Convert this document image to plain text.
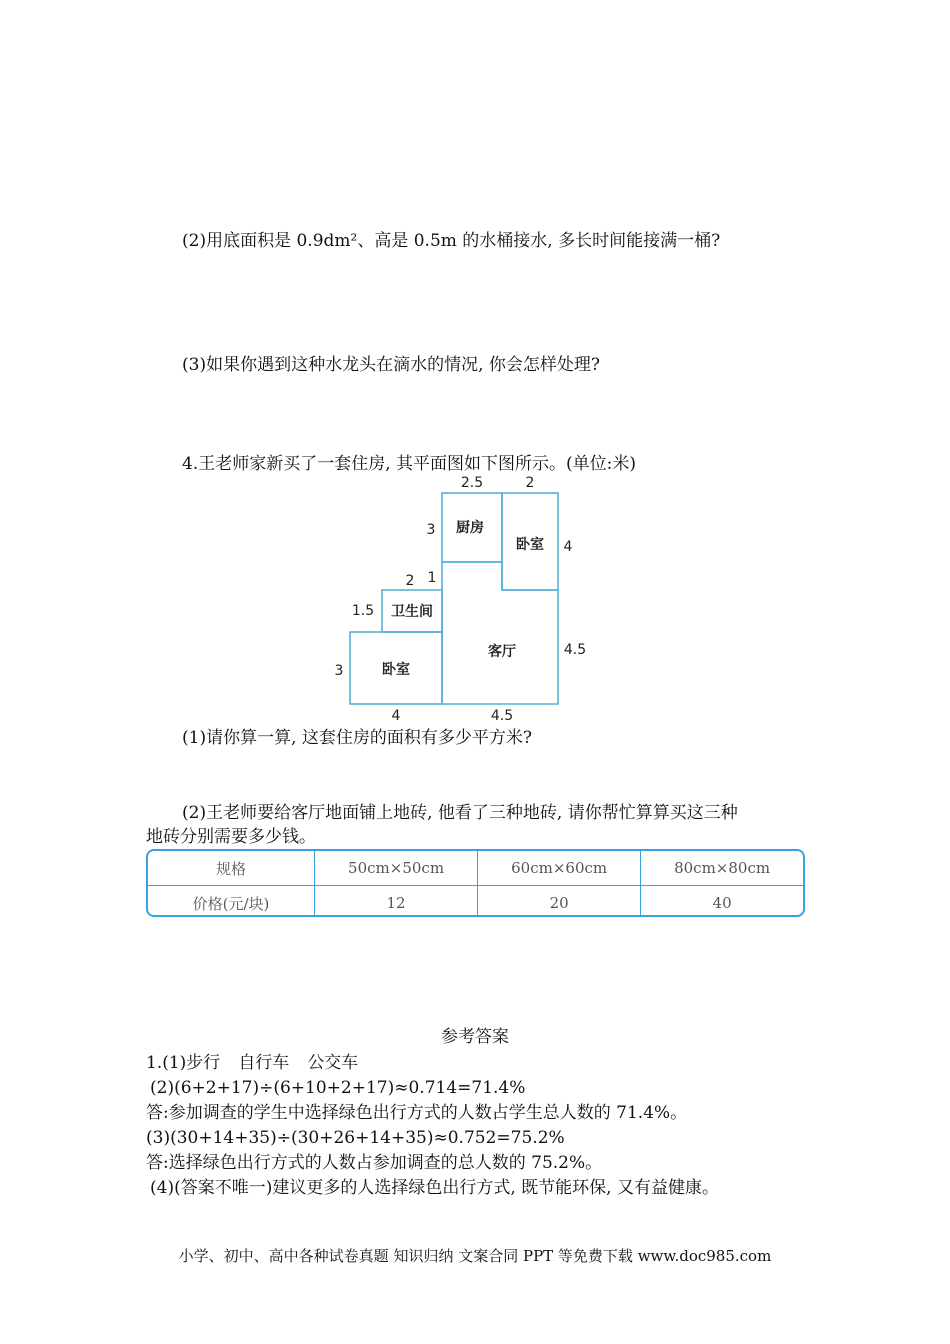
(2)用底面积是 0.9dm²、高是 0.5m 的水桶接水, 多长时间能接满一桶?
(3)如果你遇到这种水龙头在滴水的情况, 你会怎样处理?
4.王老师家新买了一套住房, 其平面图如下图所示。(单位:米)
厨房
卧室
卫生间
客厅
卧室
2.5	2
3
4
2 1
1.5
4.5
3
4	4.5
(1)请你算一算, 这套住房的面积有多少平方米?
(2)王老师要给客厅地面铺上地砖, 他看了三种地砖, 请你帮忙算算买这三种
地砖分别需要多少钱。
规格	50cm×50cm	60cm×60cm	80cm×80cm
价格(元/块)	12	20	40
参考答案
1.(1)步行 自行车 公交车
(2)(6+2+17)÷(6+10+2+17)≈0.714=71.4%
答:参加调查的学生中选择绿色出行方式的人数占学生总人数的 71.4%。
(3)(30+14+35)÷(30+26+14+35)≈0.752=75.2%
答:选择绿色出行方式的人数占参加调查的总人数的 75.2%。
(4)(答案不唯一)建议更多的人选择绿色出行方式, 既节能环保, 又有益健康。
小学、初中、高中各种试卷真题 知识归纳 文案合同 PPT 等免费下载 www.doc985.com
